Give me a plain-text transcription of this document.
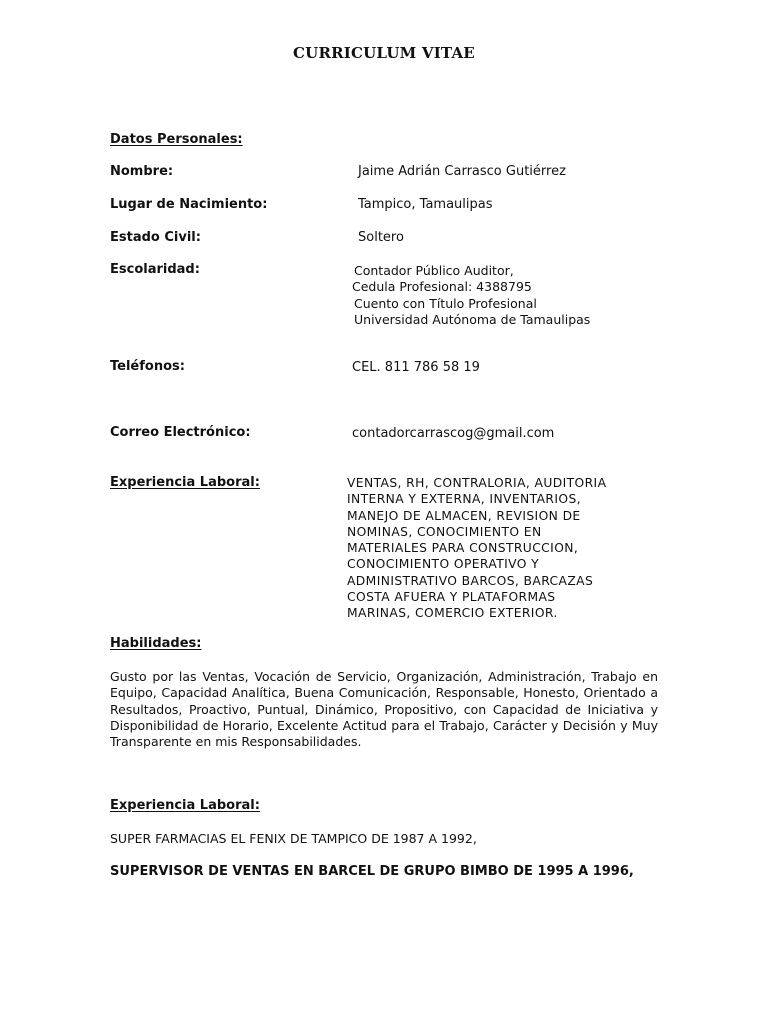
CURRICULUM VITAE
Datos Personales:
Nombre:	Jaime Adrián Carrasco Gutiérrez
Lugar de Nacimiento:	Tampico, Tamaulipas
Estado Civil:	Soltero
Escolaridad:	Contador Público Auditor,
Cedula Profesional: 4388795
Cuento con Título Profesional
Universidad Autónoma de Tamaulipas
Teléfonos:	CEL. 811 786 58 19
Correo Electrónico:	contadorcarrascog@gmail.com
Experiencia Laboral:	VENTAS, RH, CONTRALORIA, AUDITORIA
INTERNA Y EXTERNA, INVENTARIOS,
MANEJO DE ALMACEN, REVISION DE
NOMINAS, CONOCIMIENTO EN
MATERIALES PARA CONSTRUCCION,
CONOCIMIENTO OPERATIVO Y
ADMINISTRATIVO BARCOS, BARCAZAS
COSTA AFUERA Y PLATAFORMAS
MARINAS, COMERCIO EXTERIOR.
Habilidades:
Gusto por las Ventas, Vocación de Servicio, Organización, Administración, Trabajo en Equipo, Capacidad Analítica, Buena Comunicación, Responsable, Honesto, Orientado a Resultados, Proactivo, Puntual, Dinámico, Propositivo, con Capacidad de Iniciativa y Disponibilidad de Horario, Excelente Actitud para el Trabajo, Carácter y Decisión y Muy Transparente en mis Responsabilidades.
Experiencia Laboral:
SUPER FARMACIAS EL FENIX DE TAMPICO DE 1987 A 1992,
SUPERVISOR DE VENTAS EN BARCEL DE GRUPO BIMBO DE 1995 A 1996,
